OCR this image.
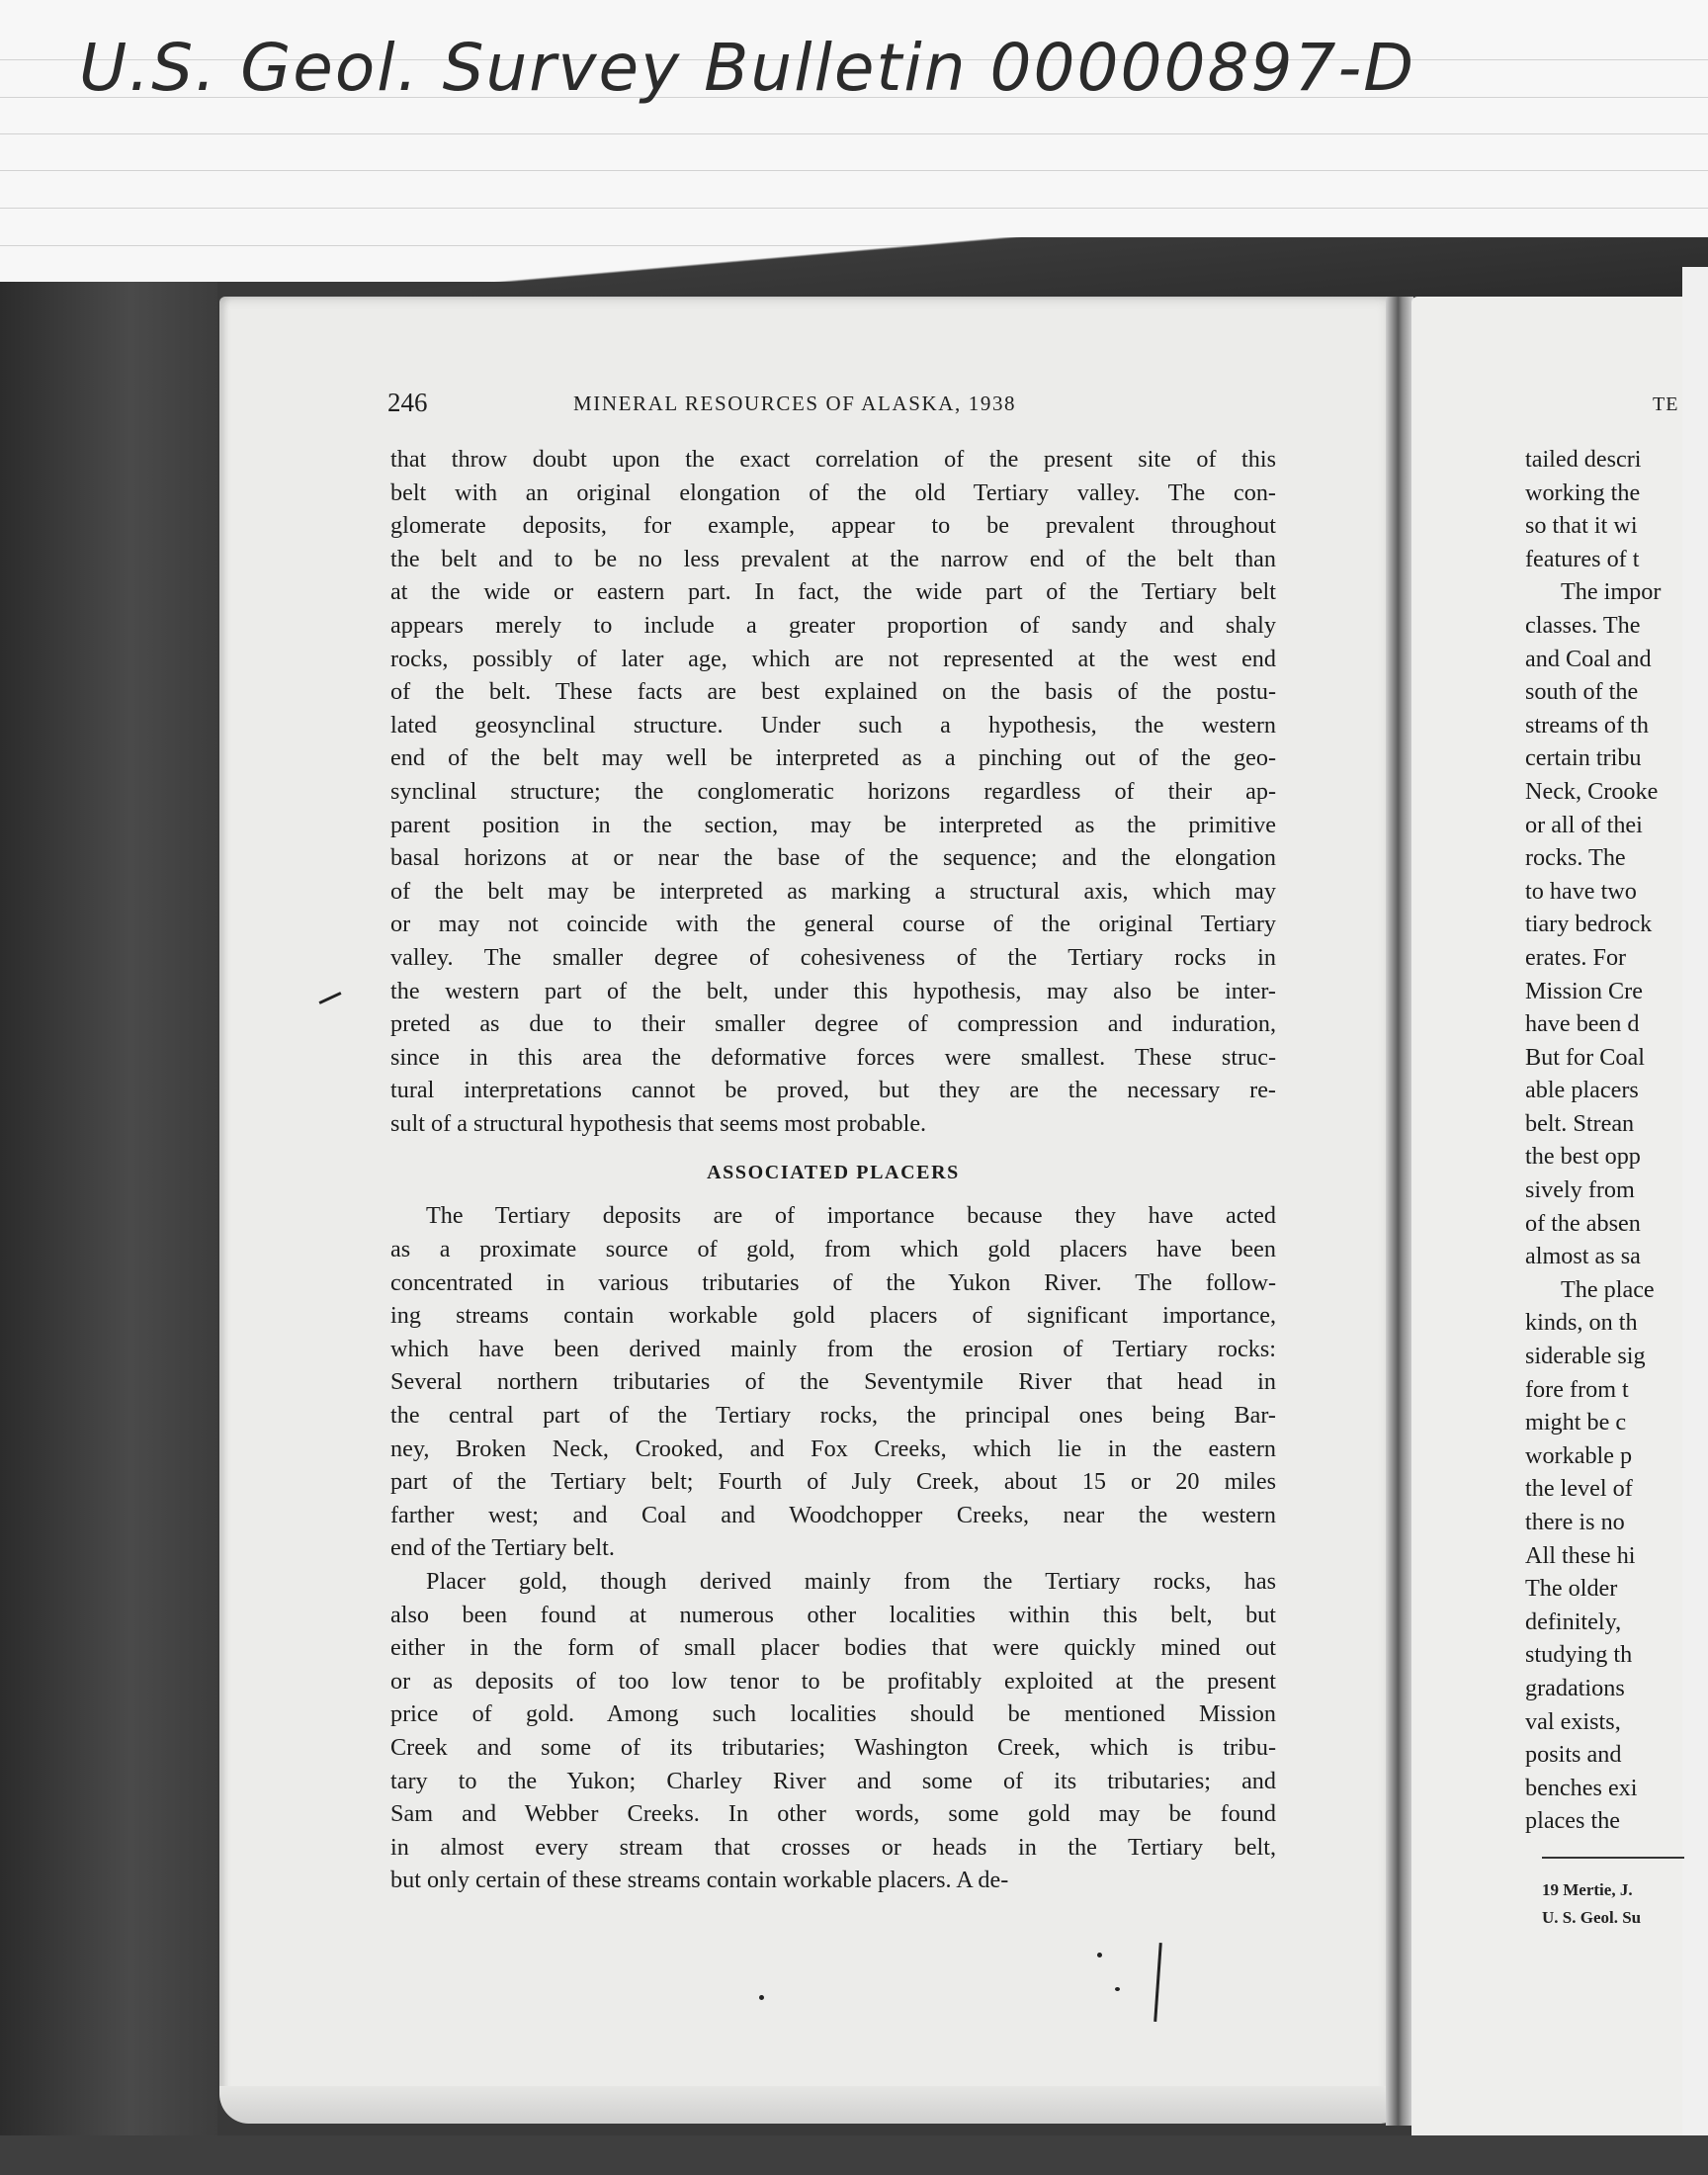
U.S. Geol. Survey Bulletin 00000897-D
246	MINERAL RESOURCES OF ALASKA, 1938	TE
that throw doubt upon the exact correlation of the present site of this
belt with an original elongation of the old Tertiary valley. The con-
glomerate deposits, for example, appear to be prevalent throughout
the belt and to be no less prevalent at the narrow end of the belt than
at the wide or eastern part. In fact, the wide part of the Tertiary belt
appears merely to include a greater proportion of sandy and shaly
rocks, possibly of later age, which are not represented at the west end
of the belt. These facts are best explained on the basis of the postu-
lated geosynclinal structure. Under such a hypothesis, the western
end of the belt may well be interpreted as a pinching out of the geo-
synclinal structure; the conglomeratic horizons regardless of their ap-
parent position in the section, may be interpreted as the primitive
basal horizons at or near the base of the sequence; and the elongation
of the belt may be interpreted as marking a structural axis, which may
or may not coincide with the general course of the original Tertiary
valley. The smaller degree of cohesiveness of the Tertiary rocks in
the western part of the belt, under this hypothesis, may also be inter-
preted as due to their smaller degree of compression and induration,
since in this area the deformative forces were smallest. These struc-
tural interpretations cannot be proved, but they are the necessary re-
sult of a structural hypothesis that seems most probable.
ASSOCIATED PLACERS
The Tertiary deposits are of importance because they have acted
as a proximate source of gold, from which gold placers have been
concentrated in various tributaries of the Yukon River. The follow-
ing streams contain workable gold placers of significant importance,
which have been derived mainly from the erosion of Tertiary rocks:
Several northern tributaries of the Seventymile River that head in
the central part of the Tertiary rocks, the principal ones being Bar-
ney, Broken Neck, Crooked, and Fox Creeks, which lie in the eastern
part of the Tertiary belt; Fourth of July Creek, about 15 or 20 miles
farther west; and Coal and Woodchopper Creeks, near the western
end of the Tertiary belt.
Placer gold, though derived mainly from the Tertiary rocks, has
also been found at numerous other localities within this belt, but
either in the form of small placer bodies that were quickly mined out
or as deposits of too low tenor to be profitably exploited at the present
price of gold. Among such localities should be mentioned Mission
Creek and some of its tributaries; Washington Creek, which is tribu-
tary to the Yukon; Charley River and some of its tributaries; and
Sam and Webber Creeks. In other words, some gold may be found
in almost every stream that crosses or heads in the Tertiary belt,
but only certain of these streams contain workable placers. A de-
tailed descri
working the
so that it wi
features of t
The impor
classes. The
and Coal and
south of the
streams of th
certain tribu
Neck, Crooke
or all of thei
rocks. The
to have two
tiary bedrock
erates. For
Mission Cre
have been d
But for Coal
able placers
belt. Strean
the best opp
sively from
of the absen
almost as sa
The place
kinds, on th
siderable sig
fore from t
might be c
workable p
the level of
there is no
All these hi
The older
definitely,
studying th
gradations
val exists,
posits and
benches exi
places the
19 Mertie, J.
U. S. Geol. Su
